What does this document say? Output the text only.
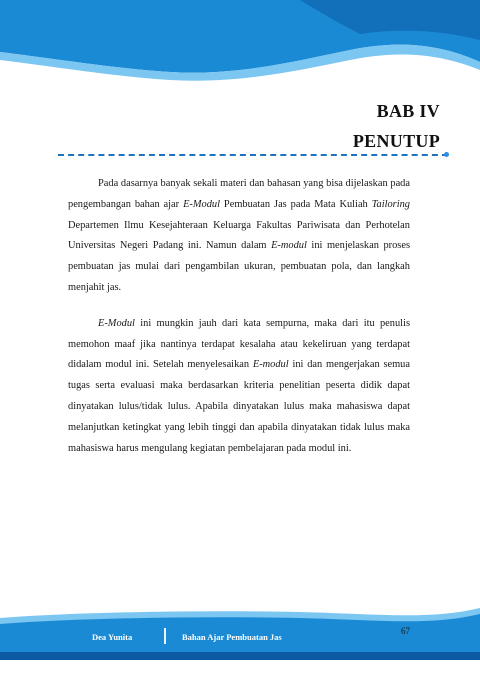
BAB IV
PENUTUP

Pada dasarnya banyak sekali materi dan bahasan yang bisa dijelaskan pada pengembangan bahan ajar E-Modul Pembuatan Jas pada Mata Kuliah Tailoring Departemen Ilmu Kesejahteraan Keluarga Fakultas Pariwisata dan Perhotelan Universitas Negeri Padang ini. Namun dalam E-modul ini menjelaskan proses pembuatan jas mulai dari pengambilan ukuran, pembuatan pola, dan langkah menjahit jas.

E-Modul ini mungkin jauh dari kata sempurna, maka dari itu penulis memohon maaf jika nantinya terdapat kesalaha atau kekeliruan yang terdapat didalam modul ini. Setelah menyelesaikan E-modul ini dan mengerjakan semua tugas serta evaluasi maka berdasarkan kriteria penelitian peserta didik dapat dinyatakan lulus/tidak lulus. Apabila dinyatakan lulus maka mahasiswa dapat melanjutkan ketingkat yang lebih tinggi dan apabila dinyatakan tidak lulus maka mahasiswa harus mengulang kegiatan pembelajaran pada modul ini.

Dea Yunita	Bahan Ajar Pembuatan Jas
67
